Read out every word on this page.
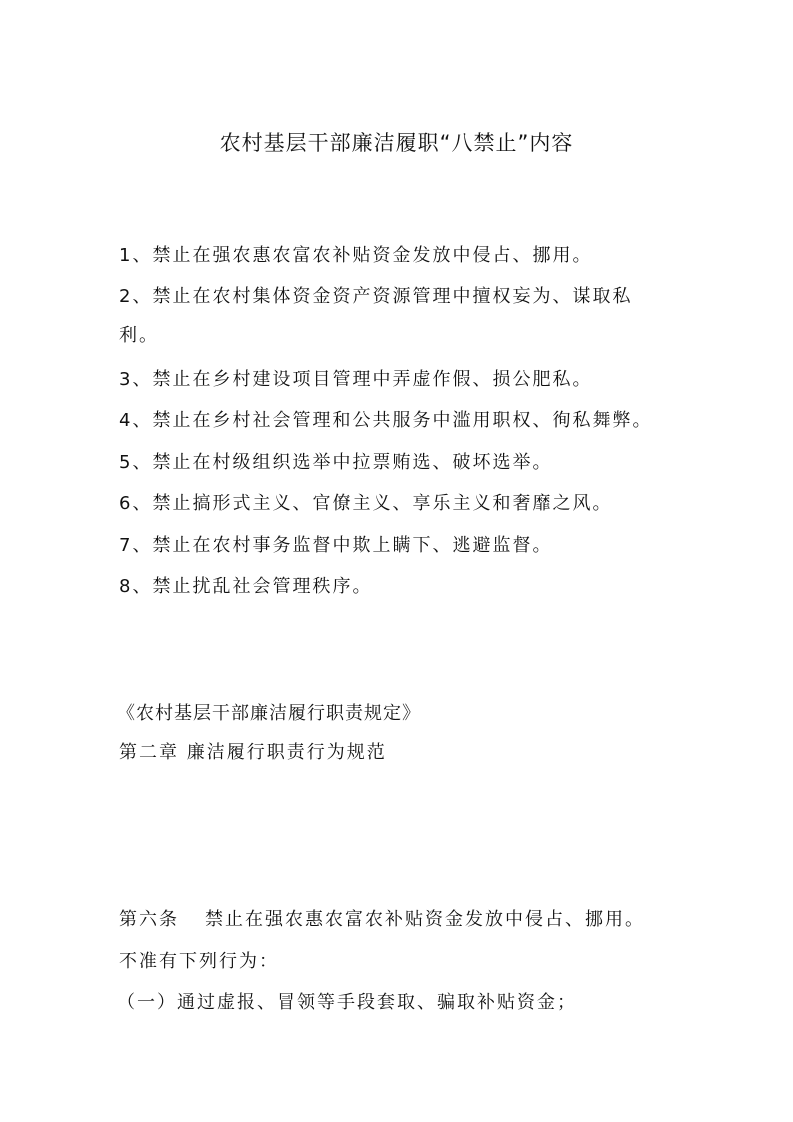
农村基层干部廉洁履职“八禁止”内容
1、禁止在强农惠农富农补贴资金发放中侵占、挪用。
2、禁止在农村集体资金资产资源管理中擅权妄为、谋取私
利。
3、禁止在乡村建设项目管理中弄虚作假、损公肥私。
4、禁止在乡村社会管理和公共服务中滥用职权、徇私舞弊。
5、禁止在村级组织选举中拉票贿选、破坏选举。
6、禁止搞形式主义、官僚主义、享乐主义和奢靡之风。
7、禁止在农村事务监督中欺上瞒下、逃避监督。
8、禁止扰乱社会管理秩序。
《农村基层干部廉洁履行职责规定》
第二章 廉洁履行职责行为规范
第六条 禁止在强农惠农富农补贴资金发放中侵占、挪用。
不准有下列行为：
（一）通过虚报、冒领等手段套取、骗取补贴资金；
